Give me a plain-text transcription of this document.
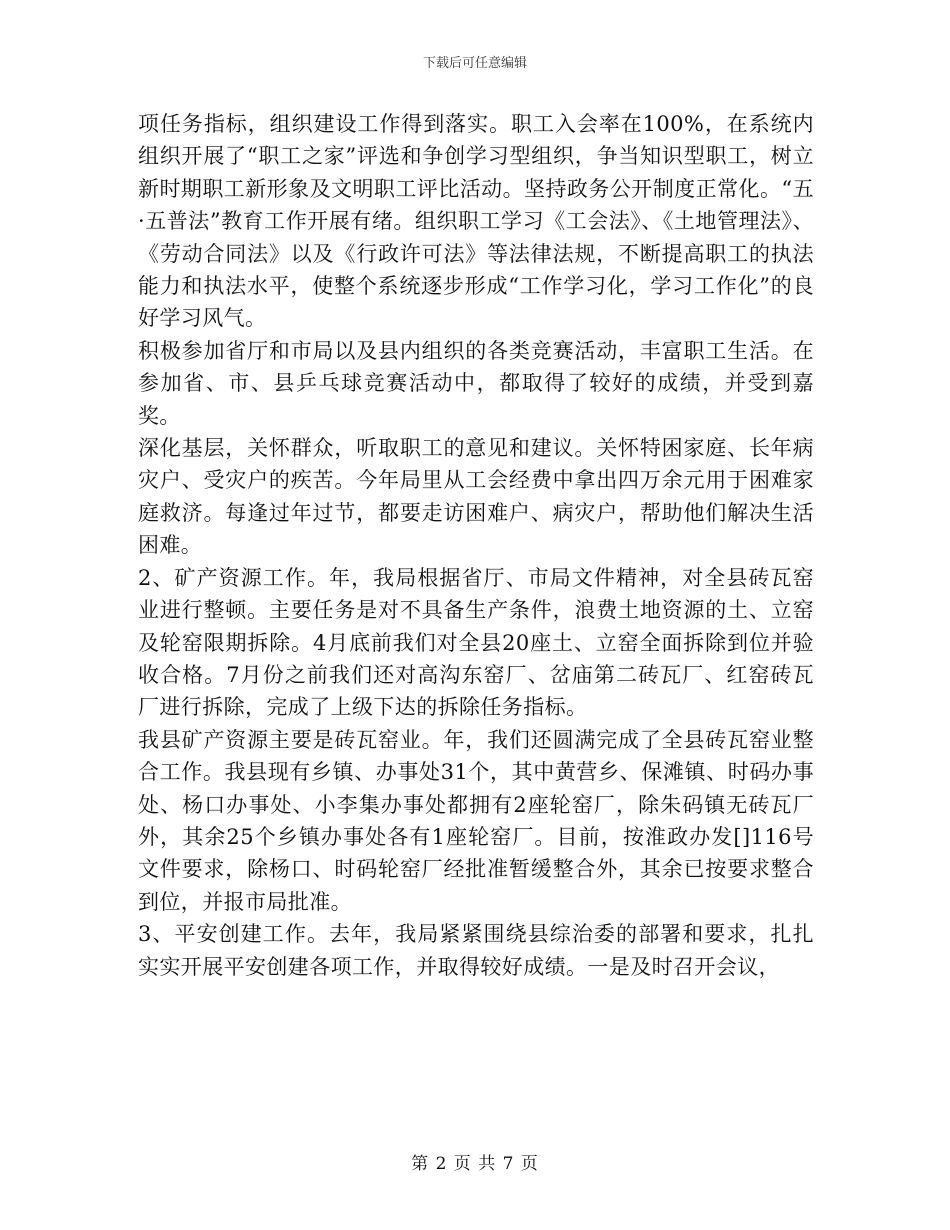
下载后可任意编辑

项任务指标，组织建设工作得到落实。职工入会率在100%，在系统内组织开展了“职工之家”评选和争创学习型组织，争当知识型职工，树立新时期职工新形象及文明职工评比活动。坚持政务公开制度正常化。“五·五普法”教育工作开展有绪。组织职工学习《工会法》、《土地管理法》、《劳动合同法》以及《行政许可法》等法律法规，不断提高职工的执法能力和执法水平，使整个系统逐步形成“工作学习化，学习工作化”的良好学习风气。

积极参加省厅和市局以及县内组织的各类竞赛活动，丰富职工生活。在参加省、市、县乒乓球竞赛活动中，都取得了较好的成绩，并受到嘉奖。

深化基层，关怀群众，听取职工的意见和建议。关怀特困家庭、长年病灾户、受灾户的疾苦。今年局里从工会经费中拿出四万余元用于困难家庭救济。每逢过年过节，都要走访困难户、病灾户，帮助他们解决生活困难。

2、矿产资源工作。年，我局根据省厅、市局文件精神，对全县砖瓦窑业进行整顿。主要任务是对不具备生产条件，浪费土地资源的土、立窑及轮窑限期拆除。4月底前我们对全县20座土、立窑全面拆除到位并验收合格。7月份之前我们还对高沟东窑厂、岔庙第二砖瓦厂、红窑砖瓦厂进行拆除，完成了上级下达的拆除任务指标。

我县矿产资源主要是砖瓦窑业。年，我们还圆满完成了全县砖瓦窑业整合工作。我县现有乡镇、办事处31个，其中黄营乡、保滩镇、时码办事处、杨口办事处、小李集办事处都拥有2座轮窑厂，除朱码镇无砖瓦厂外，其余25个乡镇办事处各有1座轮窑厂。目前，按淮政办发[]116号文件要求，除杨口、时码轮窑厂经批准暂缓整合外，其余已按要求整合到位，并报市局批准。

3、平安创建工作。去年，我局紧紧围绕县综治委的部署和要求，扎扎实实开展平安创建各项工作，并取得较好成绩。一是及时召开会议，

第 2 页 共 7 页
